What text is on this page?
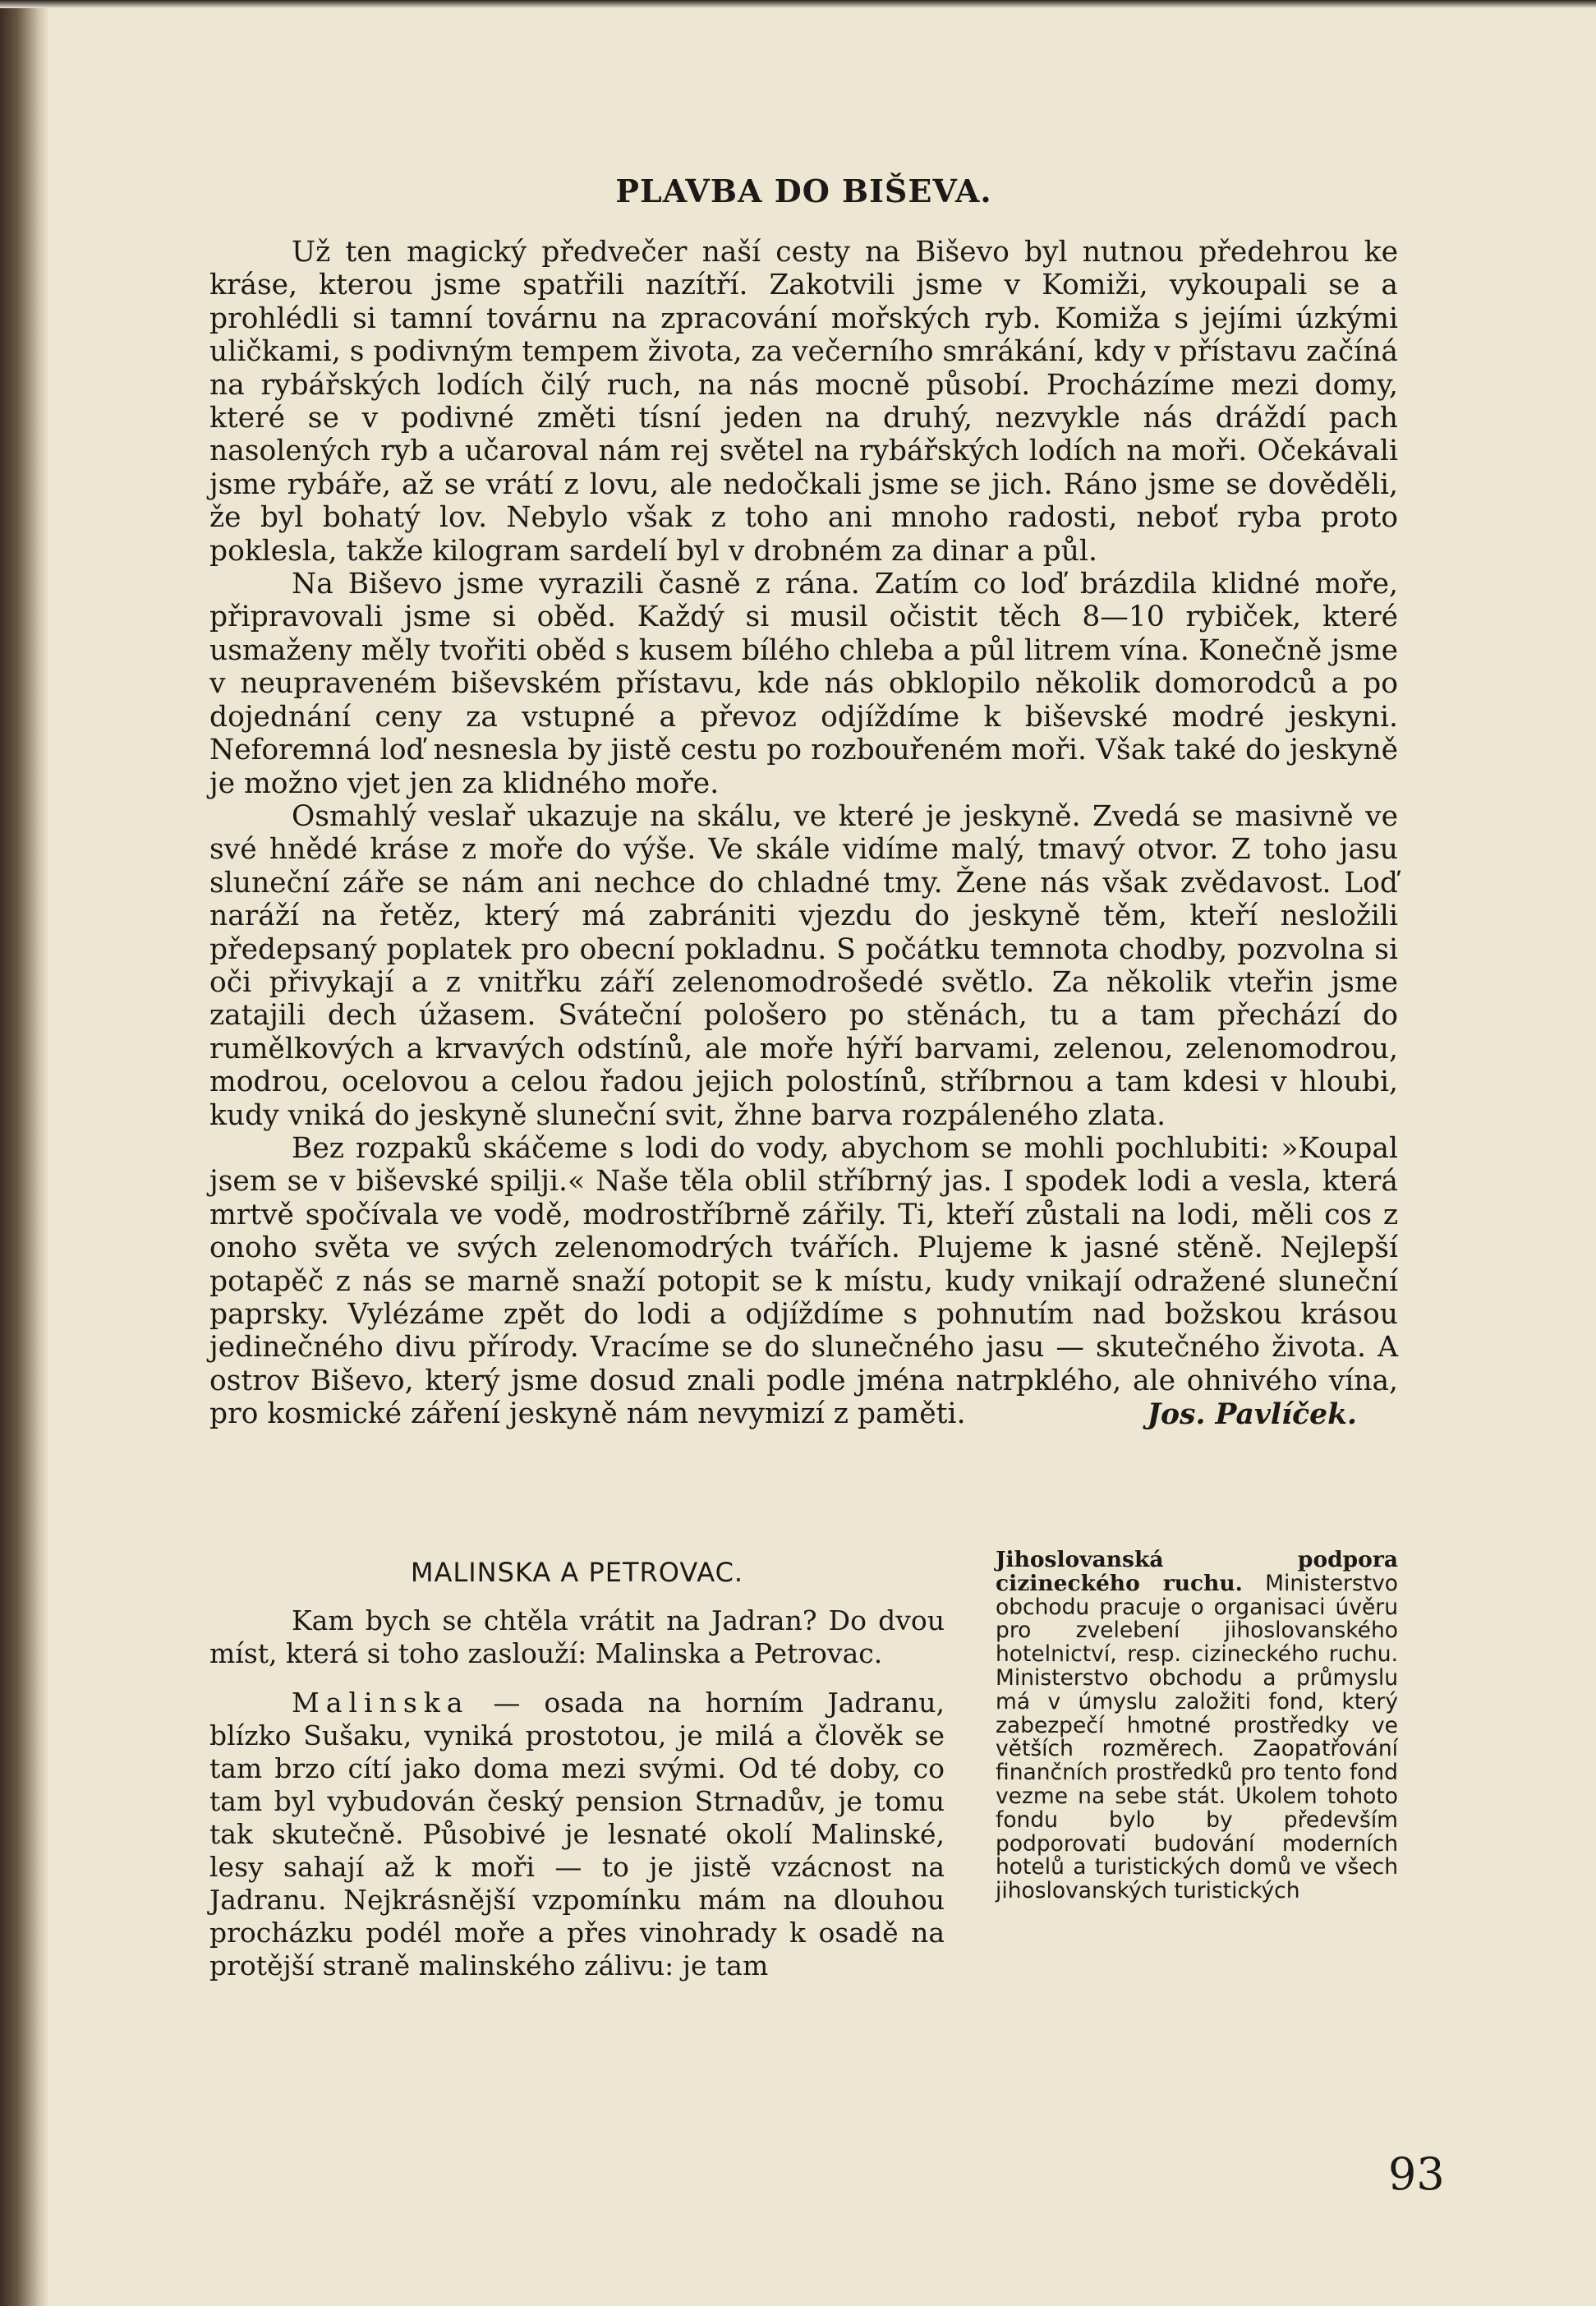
PLAVBA DO BIŠEVA.

Už ten magický předvečer naší cesty na Biševo byl nutnou předehrou ke kráse, kterou jsme spatřili nazítří. Zakotvili jsme v Komiži, vykoupali se a prohlédli si tamní továrnu na zpracování mořských ryb. Komiža s jejími úzkými uličkami, s podivným tempem života, za večerního smrákání, kdy v přístavu začíná na rybářských lodích čilý ruch, na nás mocně působí. Procházíme mezi domy, které se v podivné změti tísní jeden na druhý, nezvykle nás dráždí pach nasolených ryb a učaroval nám rej světel na rybářských lodích na moři. Očekávali jsme rybáře, až se vrátí z lovu, ale nedočkali jsme se jich. Ráno jsme se dověděli, že byl bohatý lov. Nebylo však z toho ani mnoho radosti, neboť ryba proto poklesla, takže kilogram sardelí byl v drobném za dinar a půl.

Na Biševo jsme vyrazili časně z rána. Zatím co loď brázdila klidné moře, připravovali jsme si oběd. Každý si musil očistit těch 8—10 rybiček, které usmaženy měly tvořiti oběd s kusem bílého chleba a půl litrem vína. Konečně jsme v neupraveném biševském přístavu, kde nás obklopilo několik domorodců a po dojednání ceny za vstupné a převoz odjíždíme k biševské modré jeskyni. Neforemná loď nesnesla by jistě cestu po rozbouřeném moři. Však také do jeskyně je možno vjet jen za klidného moře.

Osmahlý veslař ukazuje na skálu, ve které je jeskyně. Zvedá se masivně ve své hnědé kráse z moře do výše. Ve skále vidíme malý, tmavý otvor. Z toho jasu sluneční záře se nám ani nechce do chladné tmy. Žene nás však zvědavost. Loď naráží na řetěz, který má zabrániti vjezdu do jeskyně těm, kteří nesložili předepsaný poplatek pro obecní pokladnu. S počátku temnota chodby, pozvolna si oči přivykají a z vnitřku září zelenomodrošedé světlo. Za několik vteřin jsme zatajili dech úžasem. Sváteční pološero po stěnách, tu a tam přechází do rumělkových a krvavých odstínů, ale moře hýří barvami, zelenou, zelenomodrou, modrou, ocelovou a celou řadou jejich polostínů, stříbrnou a tam kdesi v hloubi, kudy vniká do jeskyně sluneční svit, žhne barva rozpáleného zlata.

Bez rozpaků skáčeme s lodi do vody, abychom se mohli pochlubiti: »Koupal jsem se v biševské spilji.« Naše těla oblil stříbrný jas. I spodek lodi a vesla, která mrtvě spočívala ve vodě, modrostříbrně zářily. Ti, kteří zůstali na lodi, měli cos z onoho světa ve svých zelenomodrých tvářích. Plujeme k jasné stěně. Nejlepší potapěč z nás se marně snaží potopit se k místu, kudy vnikají odražené sluneční paprsky. Vylézáme zpět do lodi a odjíždíme s pohnutím nad božskou krásou jedinečného divu přírody. Vracíme se do slunečného jasu — skutečného života. A ostrov Biševo, který jsme dosud znali podle jména natrpklého, ale ohnivého vína, pro kosmické záření jeskyně nám nevymizí z paměti.	Jos. Pavlíček.
MALINSKA A PETROVAC.

Kam bych se chtěla vrátit na Jadran? Do dvou míst, která si toho zaslouží: Malinska a Petrovac.

Malinska — osada na horním Jadranu, blízko Sušaku, vyniká prostotou, je milá a člověk se tam brzo cítí jako doma mezi svými. Od té doby, co tam byl vybudován český pension Strnadův, je tomu tak skutečně. Působivé je lesnaté okolí Malinské, lesy sahají až k moři — to je jistě vzácnost na Jadranu. Nejkrásnější vzpomínku mám na dlouhou procházku podél moře a přes vinohrady k osadě na protější straně malinského zálivu: je tam

Jihoslovanská podpora cizineckého ruchu. Ministerstvo obchodu pracuje o organisaci úvěru pro zvelebení jihoslovanského hotelnictví, resp. cizineckého ruchu. Ministerstvo obchodu a průmyslu má v úmyslu založiti fond, který zabezpečí hmotné prostředky ve větších rozměrech. Zaopatřování finančních prostředků pro tento fond vezme na sebe stát. Úkolem tohoto fondu bylo by především podporovati budování moderních hotelů a turistických domů ve všech jihoslovanských turistických

93
